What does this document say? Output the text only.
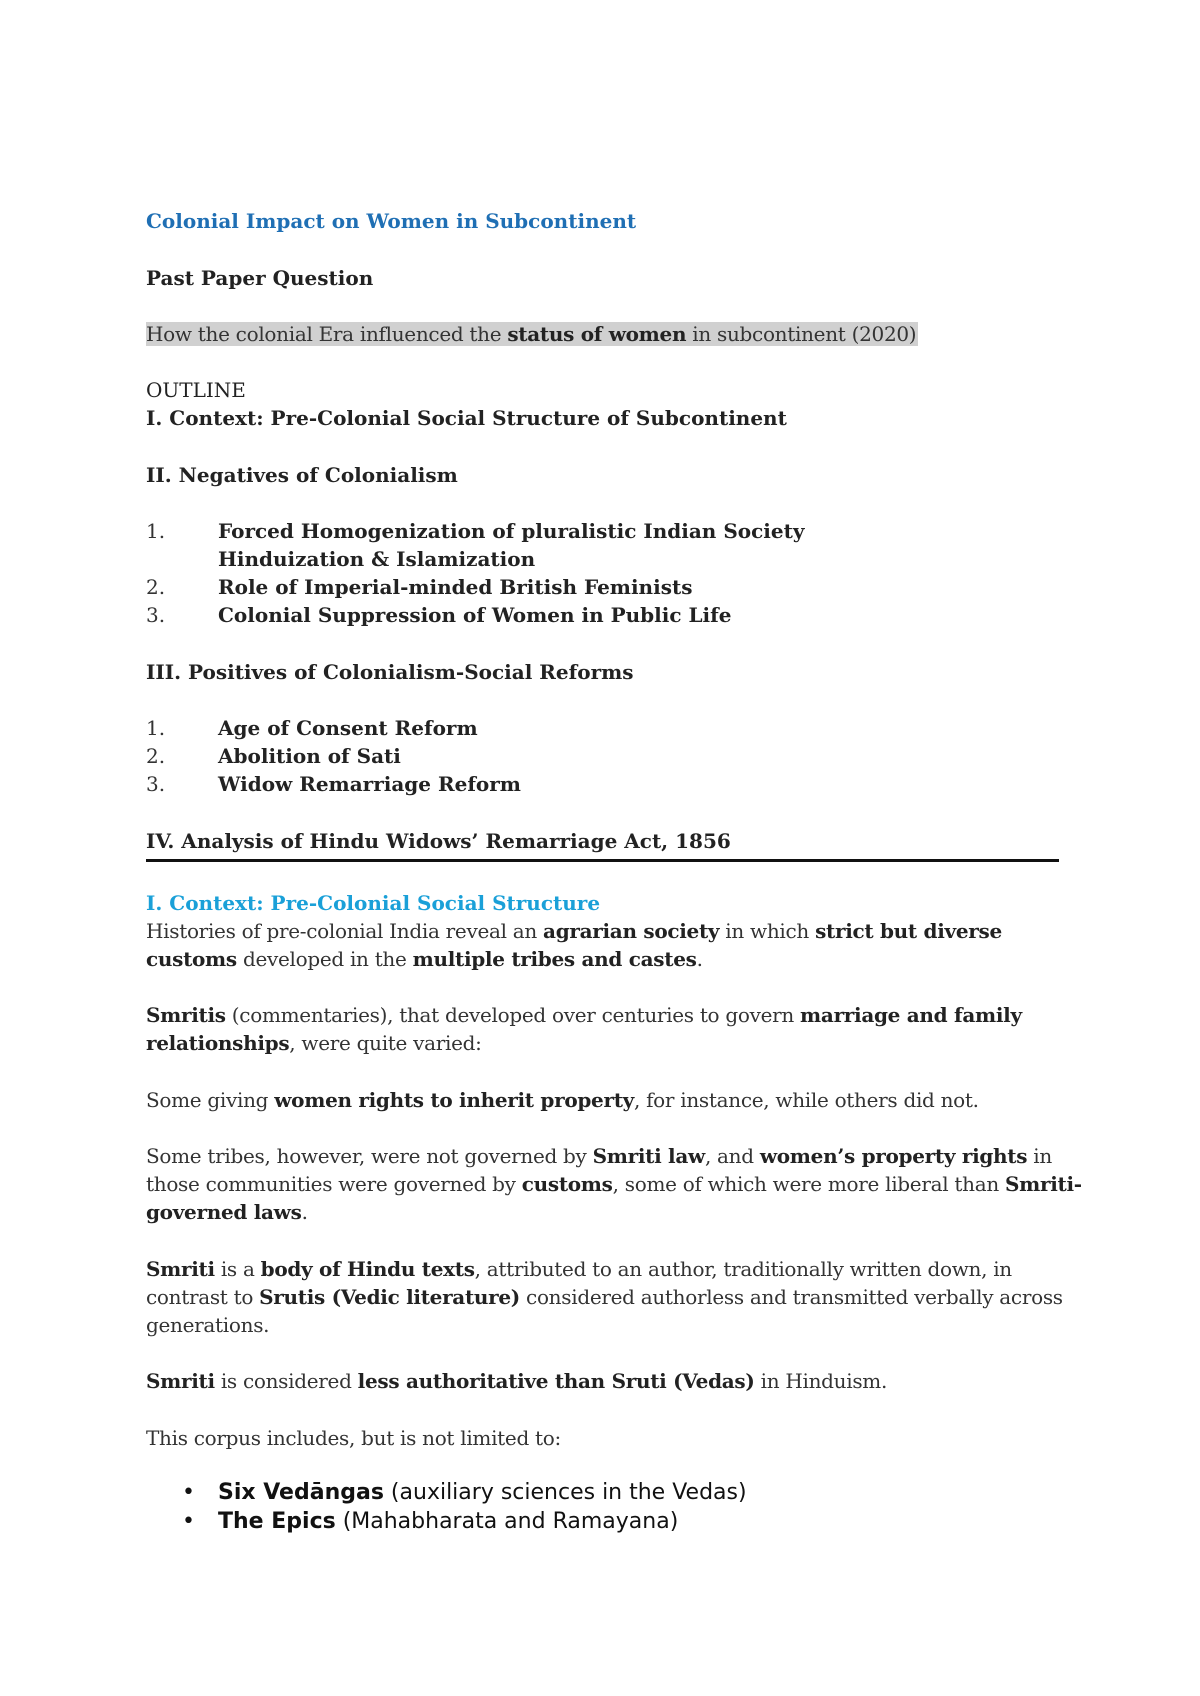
Colonial Impact on Women in Subcontinent
Past Paper Question
How the colonial Era influenced the status of women in subcontinent (2020)
OUTLINE
I. Context: Pre-Colonial Social Structure of Subcontinent
II. Negatives of Colonialism
1.	Forced Homogenization of pluralistic Indian Society
Hinduization & Islamization
2.	Role of Imperial-minded British Feminists
3.	Colonial Suppression of Women in Public Life
III. Positives of Colonialism-Social Reforms
1.	Age of Consent Reform
2.	Abolition of Sati
3.	Widow Remarriage Reform
IV. Analysis of Hindu Widows’ Remarriage Act, 1856
I. Context: Pre-Colonial Social Structure
Histories of pre-colonial India reveal an agrarian society in which strict but diverse
customs developed in the multiple tribes and castes.
Smritis (commentaries), that developed over centuries to govern marriage and family
relationships, were quite varied:
Some giving women rights to inherit property, for instance, while others did not.
Some tribes, however, were not governed by Smriti law, and women’s property rights in
those communities were governed by customs, some of which were more liberal than Smriti-
governed laws.
Smriti is a body of Hindu texts, attributed to an author, traditionally written down, in
contrast to Srutis (Vedic literature) considered authorless and transmitted verbally across
generations.
Smriti is considered less authoritative than Sruti (Vedas) in Hinduism.
This corpus includes, but is not limited to:
• Six Vedāngas (auxiliary sciences in the Vedas)
• The Epics (Mahabharata and Ramayana)
